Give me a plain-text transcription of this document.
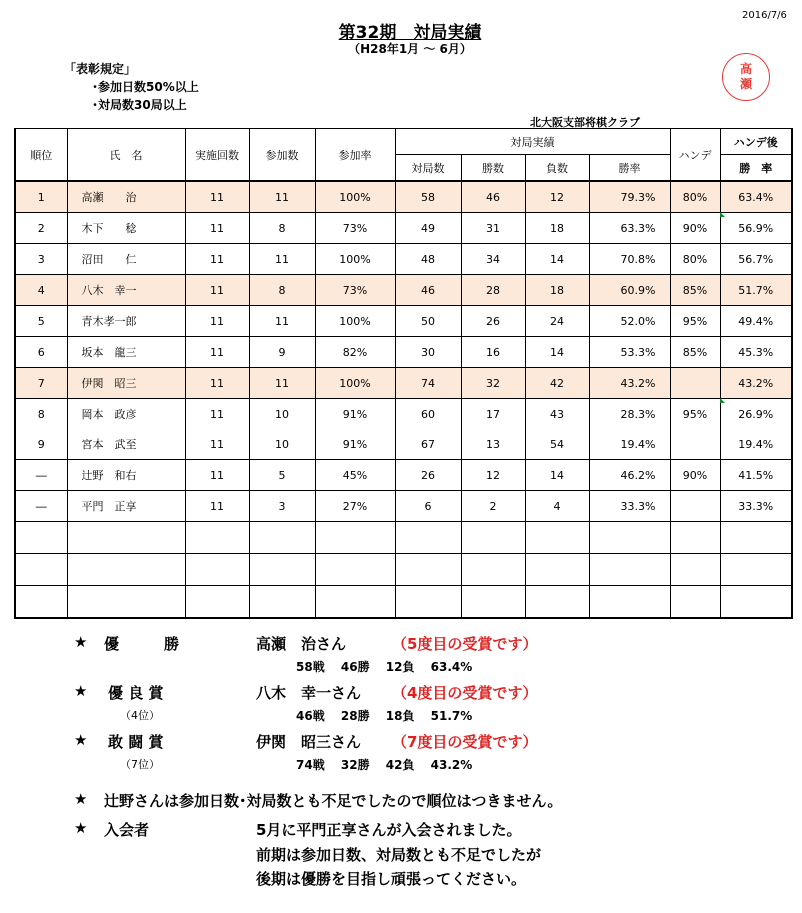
2016/7/6
第32期　対局実績
（H28年1月 ～ 6月）
「表彰規定」
･参加日数50%以上
･対局数30局以上
高
瀬
北大阪支部将棋クラブ
順位	氏　名	実施回数	参加数	参加率	対局実績				ハンデ	ハンデ後
					対局数	勝数	負数	勝率		勝　率
1	高瀬　　治	11	11	100%	58	46	12	79.3%	80%	63.4%
2	木下　　稔	11	8	73%	49	31	18	63.3%	90%	56.9%
3	沼田　　仁	11	11	100%	48	34	14	70.8%	80%	56.7%
4	八木　幸一	11	8	73%	46	28	18	60.9%	85%	51.7%
5	青木孝一郎	11	11	100%	50	26	24	52.0%	95%	49.4%
6	坂本　龍三	11	9	82%	30	16	14	53.3%	85%	45.3%
7	伊関　昭三	11	11	100%	74	32	42	43.2%		43.2%
8	岡本　政彦	11	10	91%	60	17	43	28.3%	95%	26.9%
9	宮本　武至	11	10	91%	67	13	54	19.4%		19.4%
―	辻野　和右	11	5	45%	26	12	14	46.2%	90%	41.5%
―	平門　正享	11	3	27%	6	2	4	33.3%		33.3%

★ 優　　　勝	高瀬　治さん	（5度目の受賞です）
58戦　 46勝　 12負　 63.4%
★ 優 良 賞
（4位）
八木　幸一さん （4度目の受賞です）
46戦　 28勝　 18負　 51.7%
★ 敢 闘 賞
（7位）
伊関　昭三さん （7度目の受賞です）
74戦　 32勝　 42負　 43.2%
★ 辻野さんは参加日数･対局数とも不足でしたので順位はつきません。
★ 入会者	5月に平門正享さんが入会されました。
前期は参加日数、対局数とも不足でしたが
後期は優勝を目指し頑張ってください。
